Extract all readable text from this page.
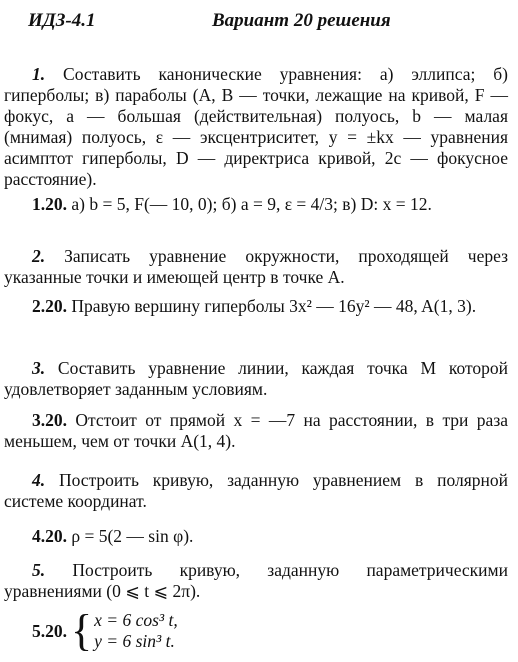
ИДЗ-4.1	Вариант 20 решения
1. Составить канонические уравнения: а) эллипса; б) гиперболы; в) параболы (A, B — точки, лежащие на кривой, F — фокус, a — большая (действительная) полуось, b — малая (мнимая) полуось, ε — эксцентриситет, y = ±kx — уравнения асимптот гиперболы, D — директриса кривой, 2c — фокусное расстояние).
1.20. а) b = 5, F(— 10, 0); б) a = 9, ε = 4/3; в) D: x = 12.
2. Записать уравнение окружности, проходящей через указанные точки и имеющей центр в точке A.
2.20. Правую вершину гиперболы 3x² — 16y² — 48, A(1, 3).
3. Составить уравнение линии, каждая точка M которой удовлетворяет заданным условиям.
3.20. Отстоит от прямой x = —7 на расстоянии, в три раза меньшем, чем от точки A(1, 4).
4. Построить кривую, заданную уравнением в полярной системе координат.
4.20. ρ = 5(2 — sin φ).
5. Построить кривую, заданную параметрическими уравнениями (0 ⩽ t ⩽ 2π).
5.20. { x = 6 cos³ t,
y = 6 sin³ t.
